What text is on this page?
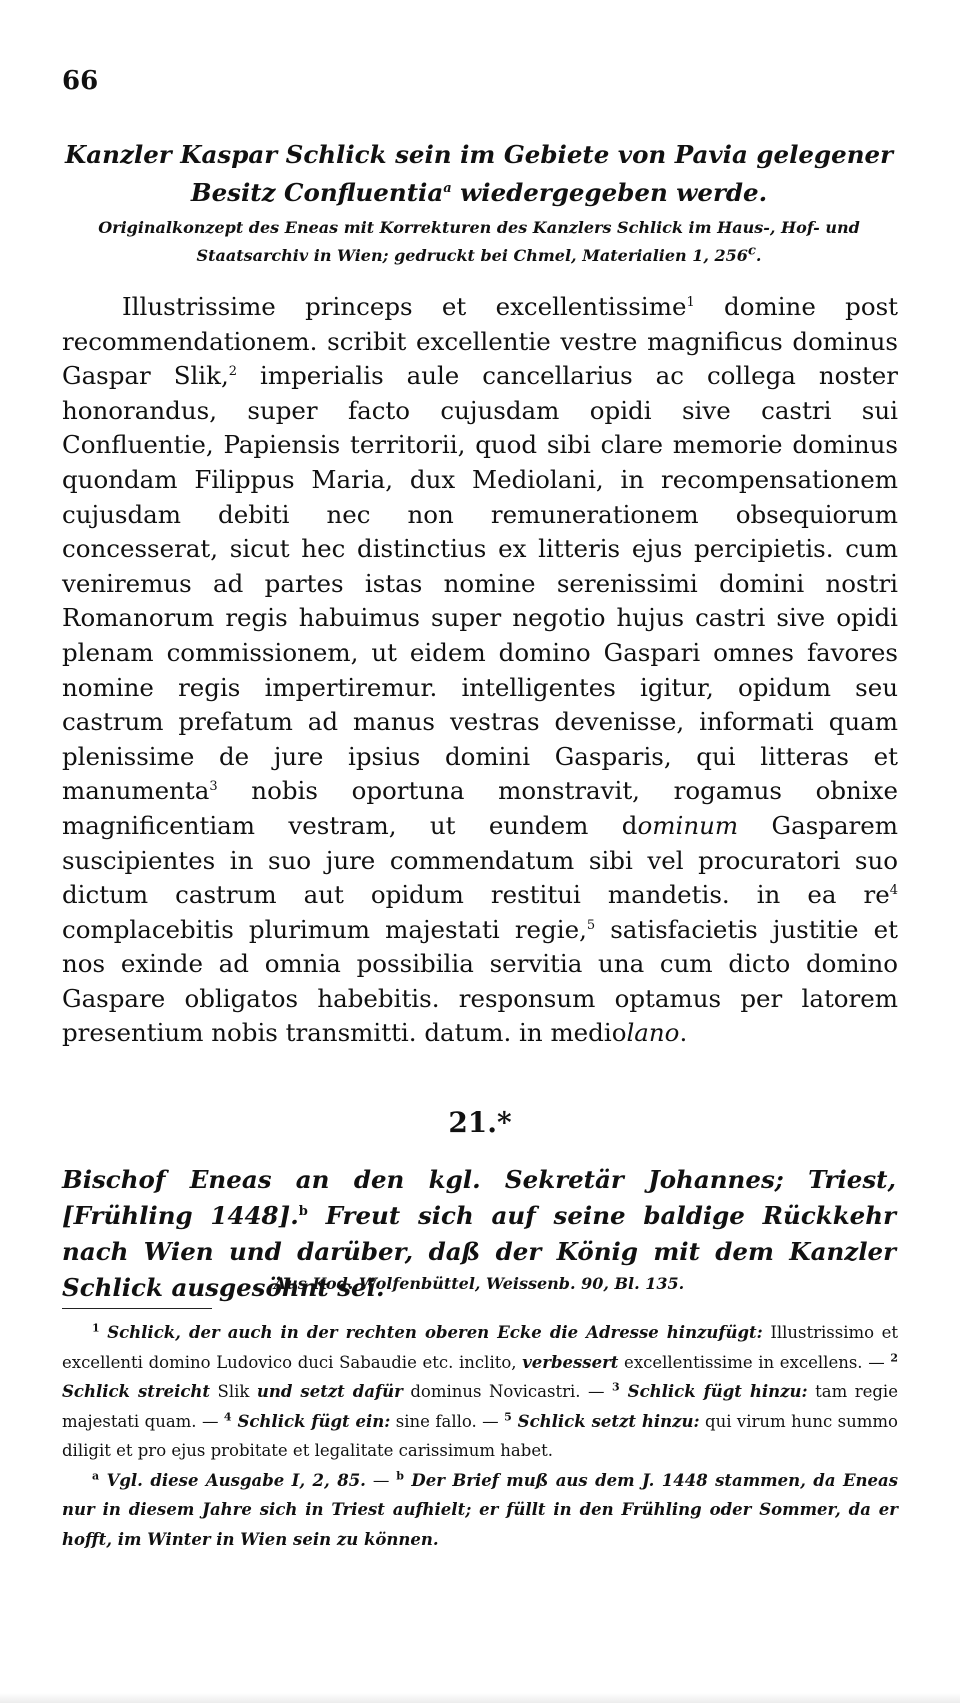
66
Kanzler Kaspar Schlick sein im Gebiete von Pavia gelegener Besitz Confluentia$^a$ wiedergegeben werde.
Originalkonzept des Eneas mit Korrekturen des Kanzlers Schlick im Haus-, Hof- und Staatsarchiv in Wien; gedruckt bei Chmel, Materialien 1, 256$^c$.

Illustrissime princeps et excellentissime$^1$ domine post recommendationem. scribit excellentie vestre magnificus dominus Gaspar Slik,$^2$ imperialis aule cancellarius ac collega noster honorandus, super facto cujusdam opidi sive castri sui Confluentie, Papiensis territorii, quod sibi clare memorie dominus quondam Filippus Maria, dux Mediolani, in recompensationem cujusdam debiti nec non remunerationem obsequiorum concesserat, sicut hec distinctius ex litteris ejus percipietis. cum veniremus ad partes istas nomine serenissimi domini nostri Romanorum regis habuimus super negotio hujus castri sive opidi plenam commissionem, ut eidem domino Gaspari omnes favores nomine regis impertiremur. intelligentes igitur, opidum seu castrum prefatum ad manus vestras devenisse, informati quam plenissime de jure ipsius domini Gasparis, qui litteras et manumenta$^3$ nobis oportuna monstravit, rogamus obnixe magnificentiam vestram, ut eundem dominum Gasparem suscipientes in suo jure commendatum sibi vel procuratori suo dictum castrum aut opidum restitui mandetis. in ea re$^4$ complacebitis plurimum majestati regie,$^5$ satisfacietis justitie et nos exinde ad omnia possibilia servitia una cum dicto domino Gaspare obligatos habebitis. responsum optamus per latorem presentium nobis transmitti. datum. in mediolano.

21.*
Bischof Eneas an den kgl. Sekretär Johannes; Triest, [Frühling 1448].$^b$ Freut sich auf seine baldige Rückkehr nach Wien und darüber, daß der König mit dem Kanzler Schlick ausgesöhnt sei.
Aus Kod. Wolfenbüttel, Weissenb. 90, Bl. 135.

$^1$ Schlick, der auch in der rechten oberen Ecke die Adresse hinzufügt: Illustrissimo et excellenti domino Ludovico duci Sabaudie etc. inclito, verbessert excellentissime in excellens. — $^2$ Schlick streicht Slik und setzt dafür dominus Novicastri. — $^3$ Schlick fügt hinzu: tam regie majestati quam. — $^4$ Schlick fügt ein: sine fallo. — $^5$ Schlick setzt hinzu: qui virum hunc summo diligit et pro ejus probitate et legalitate carissimum habet.

$^a$ Vgl. diese Ausgabe I, 2, 85. — $^b$ Der Brief muß aus dem J. 1448 stammen, da Eneas nur in diesem Jahre sich in Triest aufhielt; er füllt in den Frühling oder Sommer, da er hofft, im Winter in Wien sein zu können.
